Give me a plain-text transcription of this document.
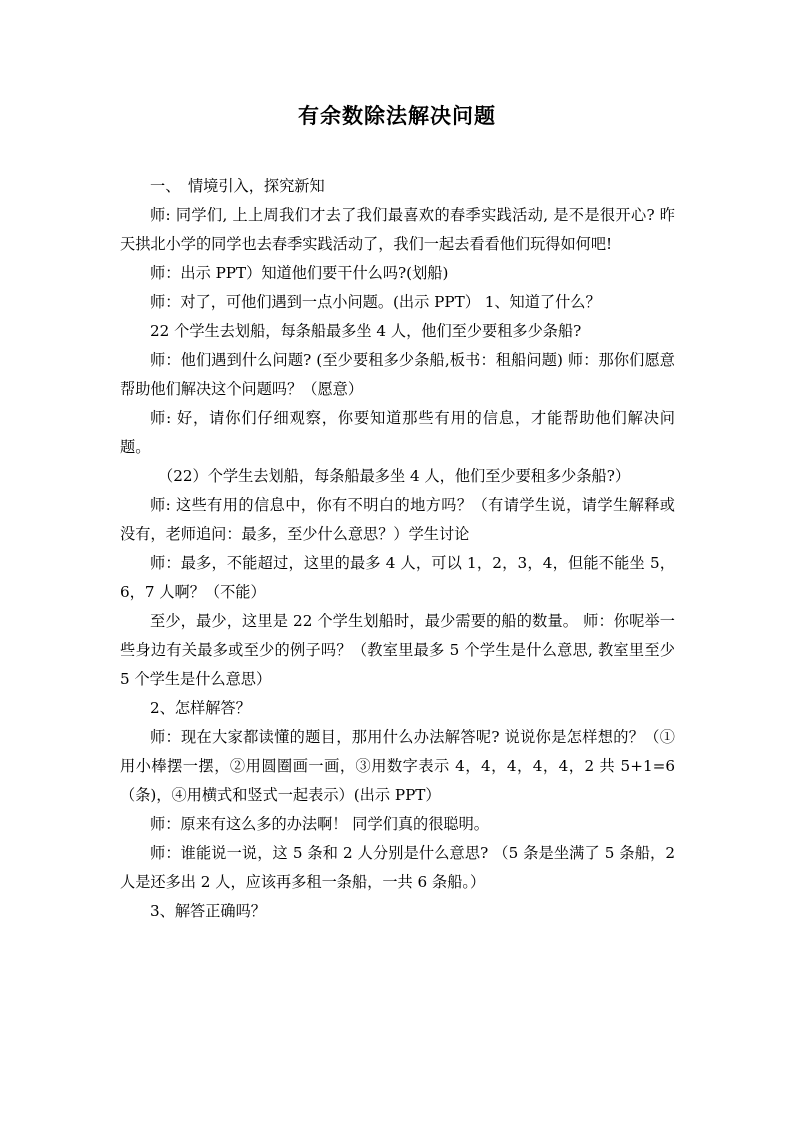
有余数除法解决问题

一、　情境引入，探究新知

师: 同学们, 上上周我们才去了我们最喜欢的春季实践活动, 是不是很开心? 昨天拱北小学的同学也去春季实践活动了，我们一起去看看他们玩得如何吧!

师：出示 PPT）知道他们要干什么吗?(划船)

师：对了，可他们遇到一点小问题。(出示 PPT） 1、知道了什么？

22 个学生去划船，每条船最多坐 4 人，他们至少要租多少条船?

师：他们遇到什么问题? (至少要租多少条船,板书：租船问题) 师：那你们愿意帮助他们解决这个问题吗？（愿意）

师: 好，请你们仔细观察，你要知道那些有用的信息，才能帮助他们解决问题。

（22）个学生去划船，每条船最多坐 4 人，他们至少要租多少条船?）

师: 这些有用的信息中，你有不明白的地方吗？（有请学生说，请学生解释或没有，老师追问：最多，至少什么意思？）学生讨论

师：最多，不能超过，这里的最多 4 人，可以 1，2，3，4，但能不能坐 5，6，7 人啊？（不能）

至少，最少，这里是 22 个学生划船时，最少需要的船的数量。 师：你呢举一些身边有关最多或至少的例子吗？（教室里最多 5 个学生是什么意思, 教室里至少 5 个学生是什么意思）

2、怎样解答？

师：现在大家都读懂的题目，那用什么办法解答呢? 说说你是怎样想的？（①用小棒摆一摆，②用圆圈画一画，③用数字表示 4，4，4，4，4，2 共 5+1=6（条)，④用横式和竖式一起表示）(出示 PPT）

师：原来有这么多的办法啊！ 同学们真的很聪明。

师：谁能说一说，这 5 条和 2 人分别是什么意思? （5 条是坐满了 5 条船，2 人是还多出 2 人，应该再多租一条船，一共 6 条船。）

3、解答正确吗？
